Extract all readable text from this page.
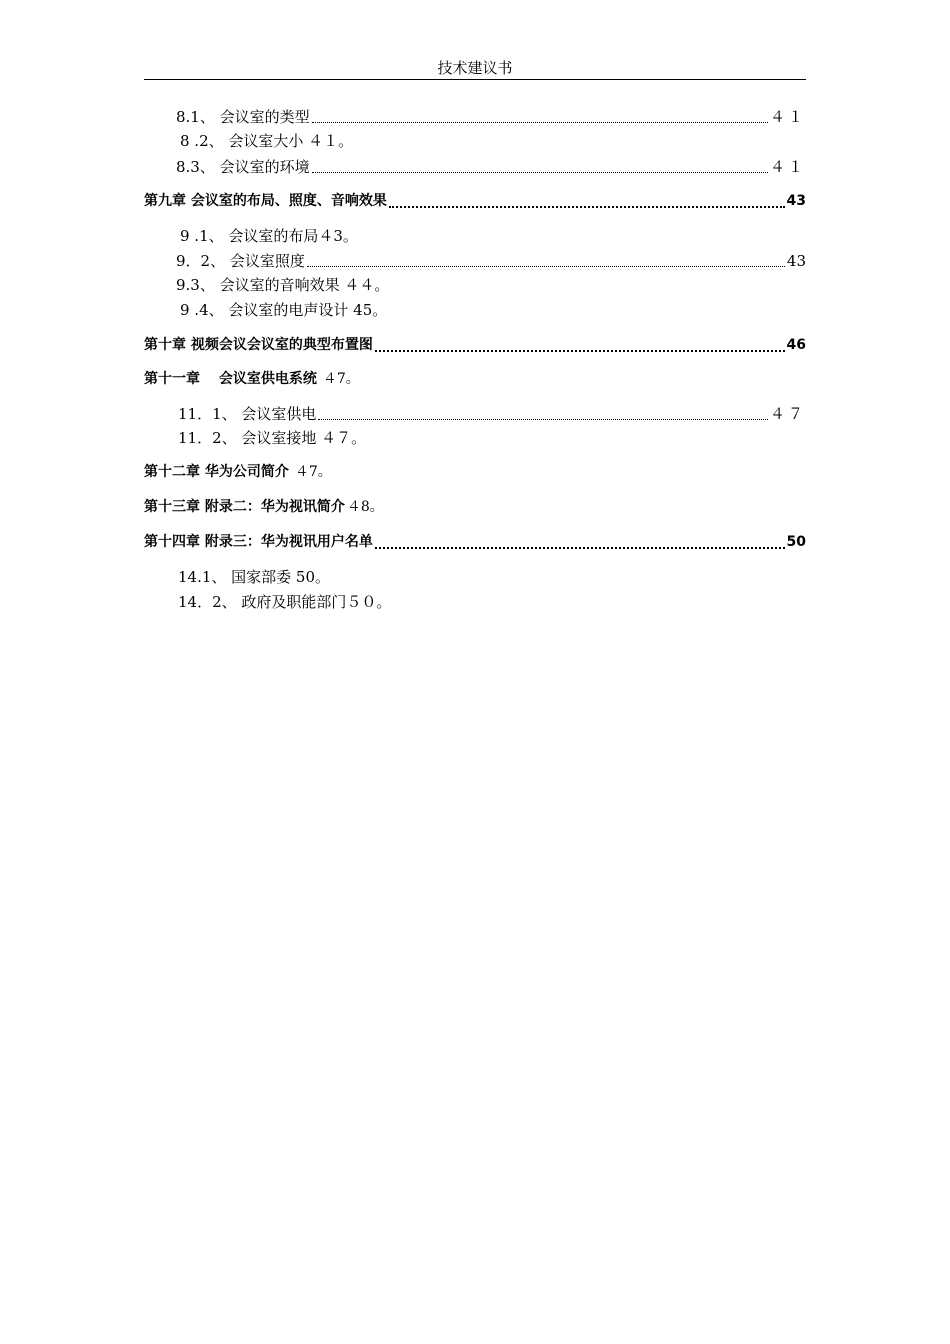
技术建议书
8.1、 会议室的类型	４１
8 .2、 会议室大小 ４１。
8.3、 会议室的环境	４１
第九章 会议室的布局、照度、音响效果	43
9 .1、 会议室的布局４3。
9．2、 会议室照度	43
9.3、 会议室的音响效果 ４４。
9 .4、 会议室的电声设计 45。
第十章 视频会议会议室的典型布置图	46
第十一章　 会议室供电系统 ４7。
11．1、 会议室供电	４７
11．2、 会议室接地 ４７。
第十二章 华为公司简介 ４7。
第十三章 附录二：华为视讯简介 ４8。
第十四章 附录三：华为视讯用户名单	50
14.1、 国家部委 50。
14．2、 政府及职能部门５０。
